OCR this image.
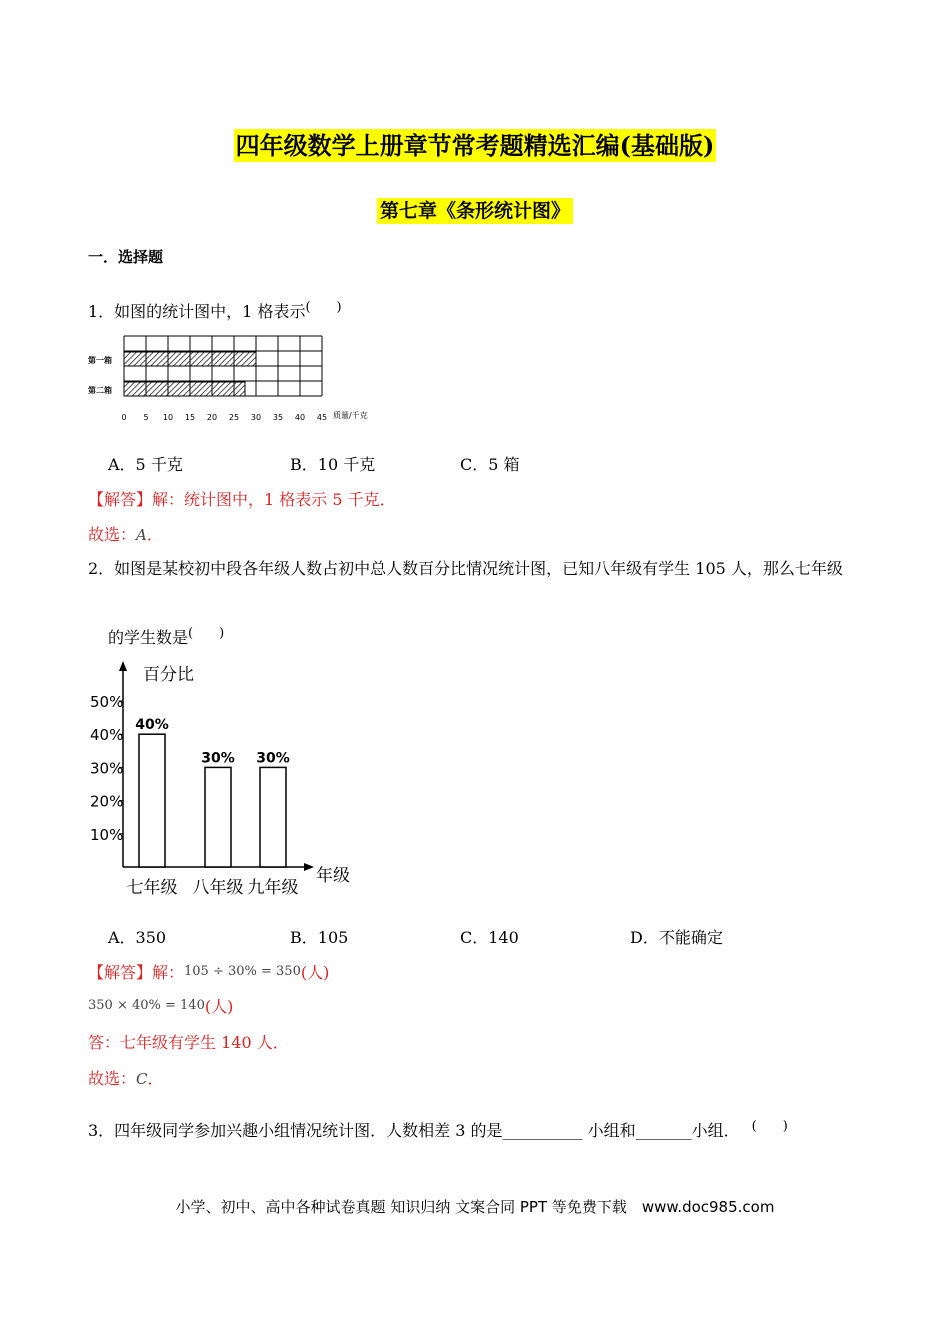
四年级数学上册章节常考题精选汇编(基础版)
第七章《条形统计图》
一．选择题
1．如图的统计图中，1 格表示(　　)
第一箱
第二箱
0 5 10 15 20 25 30 35 40 45 质量/千克
A．5 千克	B．10 千克	C．5 箱
【解答】解：统计图中，1 格表示 5 千克．
故选：A．
2．如图是某校初中段各年级人数占初中总人数百分比情况统计图，已知八年级有学生 105 人，那么七年级
的学生数是(　　)
百分比
年级
10%
20%
30%
40%
50%
40%
七年级
30%
八年级
30%
九年级
A．350	B．105	C．140	D．不能确定
【解答】解：105 ÷ 30% = 350(人)
350 × 40% = 140(人)
答：七年级有学生 140 人．
故选：C．
3．四年级同学参加兴趣小组情况统计图．人数相差 3 的是__________ 小组和_______小组． (　　)
小学、初中、高中各种试卷真题 知识归纳 文案合同 PPT 等免费下载　www.doc985.com
